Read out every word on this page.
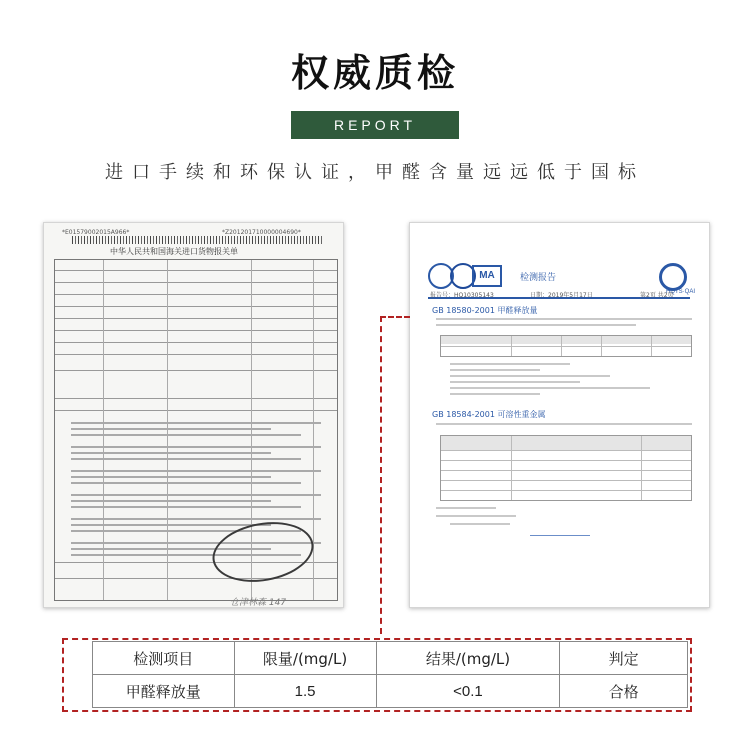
权威质检
REPORT
进口手续和环保认证，甲醛含量远远低于国标
*E01579002015A966*	*Z201201710000004690*
中华人民共和国海关进口货物报关单
仓津林森 147
MA	检测报告
HQTS·QAI
报告号：HQ10305143	日期：2019年5月17日	第2页 共2页
GB 18580-2001 甲醛释放量
GB 18584-2001 可溶性重金属
检测项目	限量/(mg/L)	结果/(mg/L)	判定
甲醛释放量	1.5	<0.1	合格
